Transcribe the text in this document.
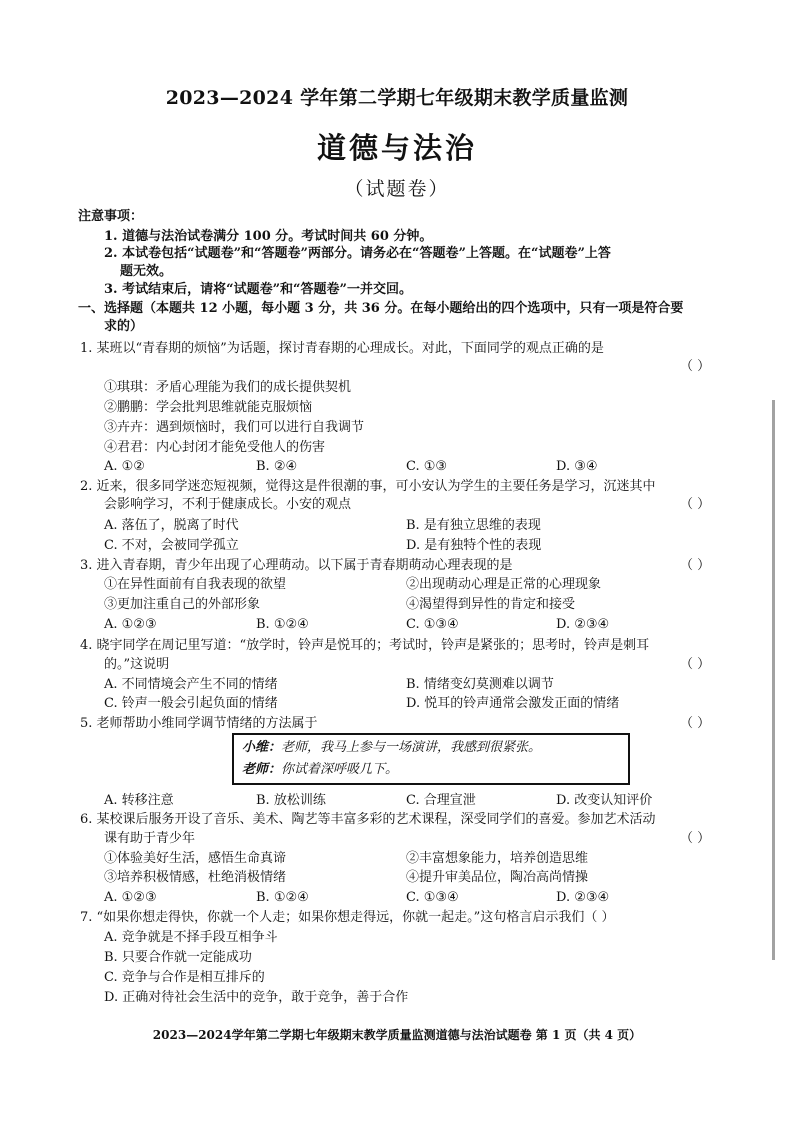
2023—2024 学年第二学期七年级期末教学质量监测
道德与法治
（试题卷）
注意事项：
1. 道德与法治试卷满分 100 分。考试时间共 60 分钟。
2. 本试卷包括“试题卷”和“答题卷”两部分。请务必在“答题卷”上答题。在“试题卷”上答
题无效。
3. 考试结束后，请将“试题卷”和“答题卷”一并交回。
一、选择题（本题共 12 小题，每小题 3 分，共 36 分。在每小题给出的四个选项中，只有一项是符合要
求的）
1. 某班以“青春期的烦恼”为话题，探讨青春期的心理成长。对此，下面同学的观点正确的是
（ ）
①琪琪：矛盾心理能为我们的成长提供契机
②鹏鹏：学会批判思维就能克服烦恼
③卉卉：遇到烦恼时，我们可以进行自我调节
④君君：内心封闭才能免受他人的伤害
A. ①②	B. ②④	C. ①③	D. ③④
2. 近来，很多同学迷恋短视频，觉得这是件很潮的事，可小安认为学生的主要任务是学习，沉迷其中
会影响学习，不利于健康成长。小安的观点	（ ）
A. 落伍了，脱离了时代	B. 是有独立思维的表现
C. 不对，会被同学孤立	D. 是有独特个性的表现
3. 进入青春期，青少年出现了心理萌动。以下属于青春期萌动心理表现的是	（ ）
①在异性面前有自我表现的欲望	②出现萌动心理是正常的心理现象
③更加注重自己的外部形象	④渴望得到异性的肯定和接受
A. ①②③	B. ①②④	C. ①③④	D. ②③④
4. 晓宇同学在周记里写道：“放学时，铃声是悦耳的；考试时，铃声是紧张的；思考时，铃声是刺耳
的。”这说明	（ ）
A. 不同情境会产生不同的情绪	B. 情绪变幻莫测难以调节
C. 铃声一般会引起负面的情绪	D. 悦耳的铃声通常会激发正面的情绪
5. 老师帮助小维同学调节情绪的方法属于	（ ）
小维：老师，我马上参与一场演讲，我感到很紧张。
老师：你试着深呼吸几下。
A. 转移注意	B. 放松训练	C. 合理宣泄	D. 改变认知评价
6. 某校课后服务开设了音乐、美术、陶艺等丰富多彩的艺术课程，深受同学们的喜爱。参加艺术活动
课有助于青少年	（ ）
①体验美好生活，感悟生命真谛	②丰富想象能力，培养创造思维
③培养积极情感，杜绝消极情绪	④提升审美品位，陶冶高尚情操
A. ①②③	B. ①②④	C. ①③④	D. ②③④
7. “如果你想走得快，你就一个人走；如果你想走得远，你就一起走。”这句格言启示我们（ ）
A. 竞争就是不择手段互相争斗
B. 只要合作就一定能成功
C. 竞争与合作是相互排斥的
D. 正确对待社会生活中的竞争，敢于竞争，善于合作
2023—2024学年第二学期七年级期末教学质量监测道德与法治试题卷 第 1 页（共 4 页）
